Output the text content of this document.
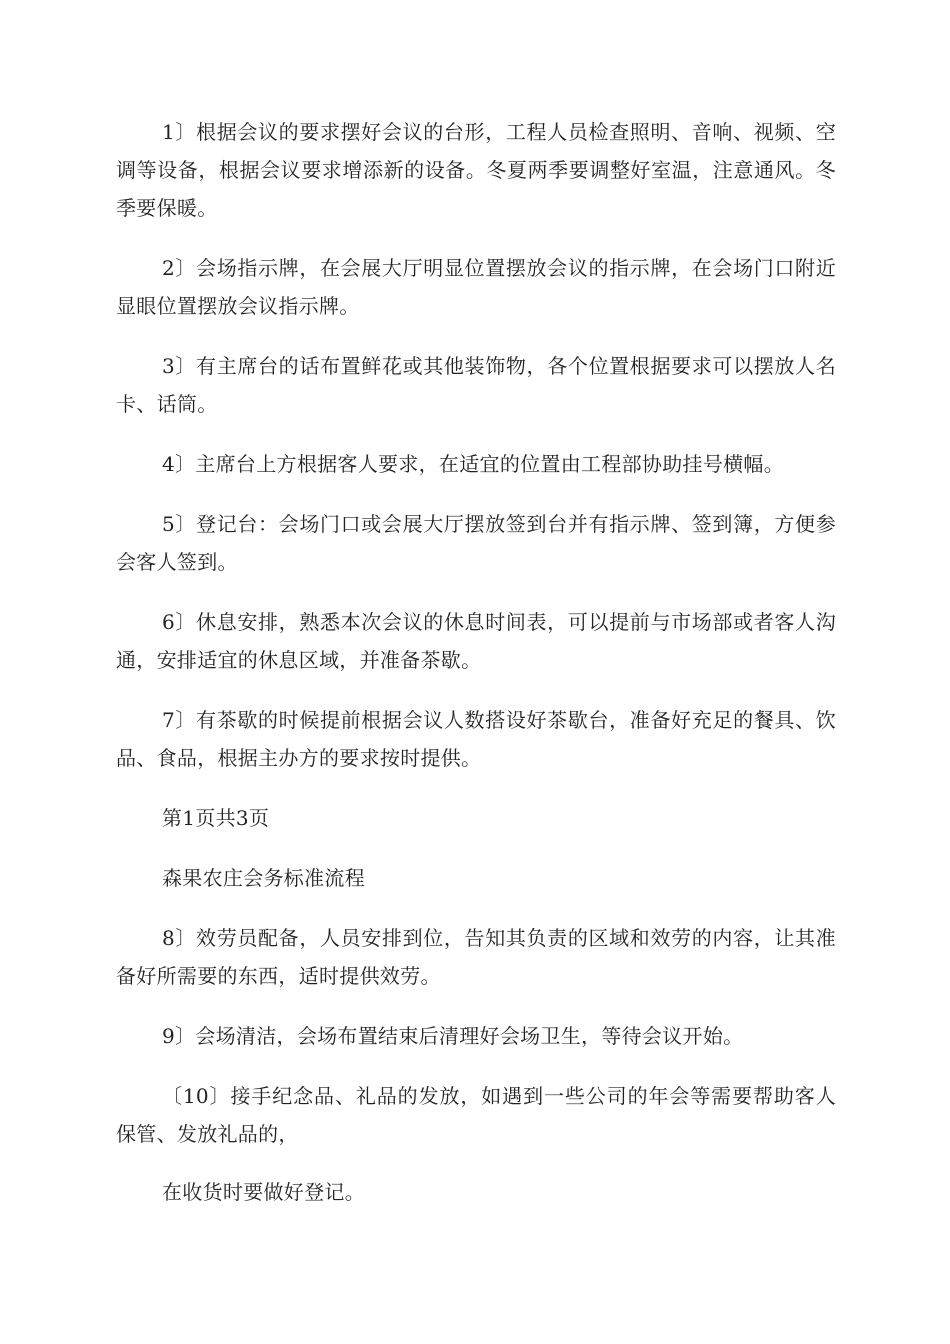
1〕根据会议的要求摆好会议的台形，工程人员检查照明、音响、视频、空调等设备，根据会议要求增添新的设备。冬夏两季要调整好室温，注意通风。冬季要保暖。

2〕会场指示牌，在会展大厅明显位置摆放会议的指示牌，在会场门口附近显眼位置摆放会议指示牌。

3〕有主席台的话布置鲜花或其他装饰物，各个位置根据要求可以摆放人名卡、话筒。

4〕主席台上方根据客人要求，在适宜的位置由工程部协助挂号横幅。

5〕登记台：会场门口或会展大厅摆放签到台并有指示牌、签到簿，方便参会客人签到。

6〕休息安排，熟悉本次会议的休息时间表，可以提前与市场部或者客人沟通，安排适宜的休息区域，并准备茶歇。

7〕有茶歇的时候提前根据会议人数搭设好茶歇台，准备好充足的餐具、饮品、食品，根据主办方的要求按时提供。

第1页共3页

森果农庄会务标准流程

8〕效劳员配备，人员安排到位，告知其负责的区域和效劳的内容，让其准备好所需要的东西，适时提供效劳。

9〕会场清洁，会场布置结束后清理好会场卫生，等待会议开始。

〔10〕接手纪念品、礼品的发放，如遇到一些公司的年会等需要帮助客人保管、发放礼品的，

在收货时要做好登记。
